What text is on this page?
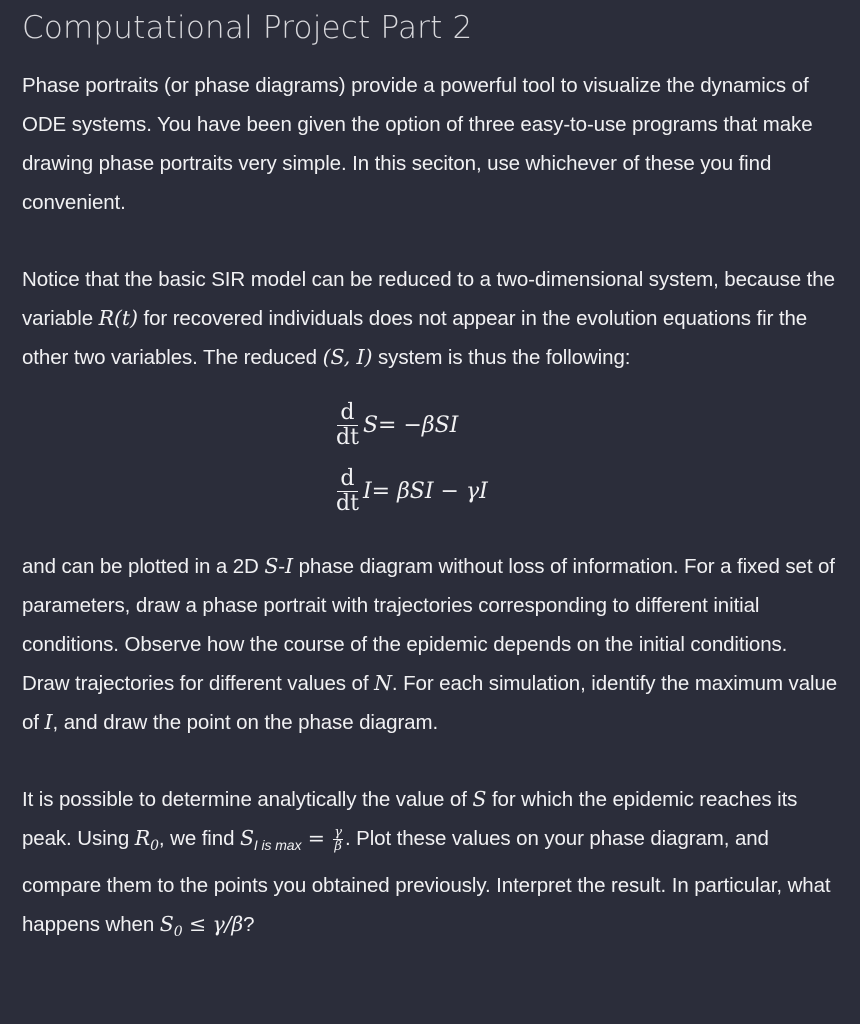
Computational Project Part 2

Phase portraits (or phase diagrams) provide a powerful tool to visualize the dynamics of ODE systems. You have been given the option of three easy-to-use programs that make drawing phase portraits very simple. In this seciton, use whichever of these you find convenient.

Notice that the basic SIR model can be reduced to a two-dimensional system, because the variable R(t) for recovered individuals does not appear in the evolution equations fir the other two variables. The reduced (S, I) system is thus the following:

$\frac{d}{dt}$ S = −βSI
$\frac{d}{dt}$ I = βSI − γI

and can be plotted in a 2D S-I phase diagram without loss of information. For a fixed set of parameters, draw a phase portrait with trajectories corresponding to different initial conditions. Observe how the course of the epidemic depends on the initial conditions. Draw trajectories for different values of N. For each simulation, identify the maximum value of I, and draw the point on the phase diagram.

It is possible to determine analytically the value of S for which the epidemic reaches its peak. Using $R_0$, we find $S_{I is max} = \frac{\gamma}{\beta}$ . Plot these values on your phase diagram, and compare them to the points you obtained previously. Interpret the result. In particular, what happens when $S_0 \le \gamma/\beta$?
